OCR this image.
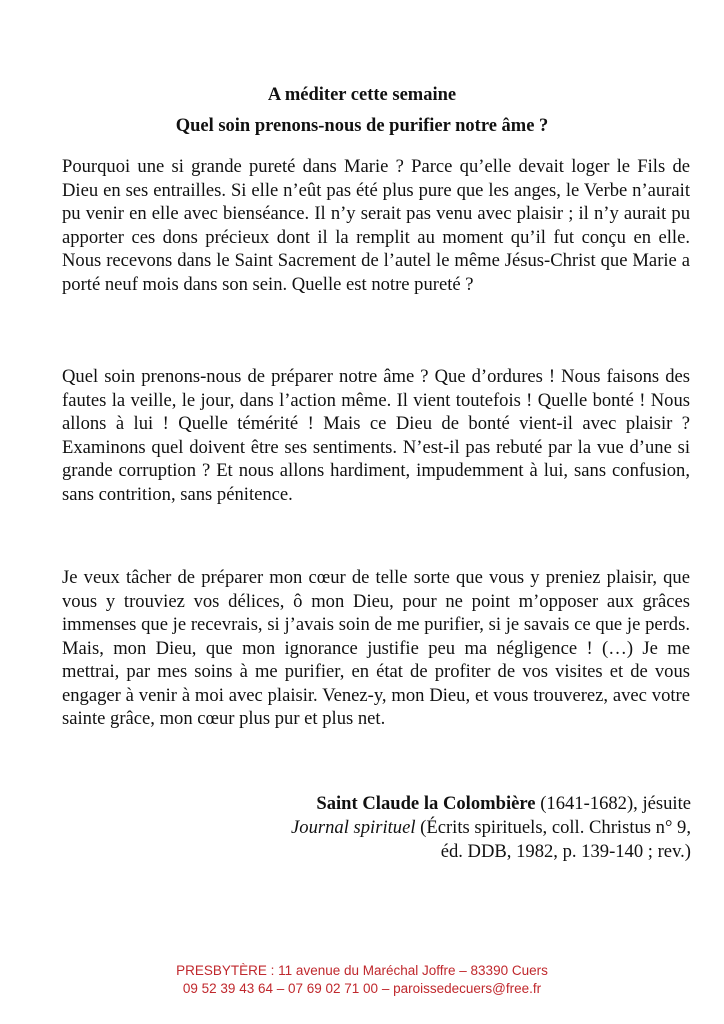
A méditer cette semaine
Quel soin prenons-nous de purifier notre âme ?

Pourquoi une si grande pureté dans Marie ? Parce qu’elle devait loger le Fils de Dieu en ses entrailles. Si elle n’eût pas été plus pure que les anges, le Verbe n’aurait pu venir en elle avec bienséance. Il n’y serait pas venu avec plaisir ; il n’y aurait pu apporter ces dons précieux dont il la remplit au moment qu’il fut conçu en elle. Nous recevons dans le Saint Sacrement de l’autel le même Jésus-Christ que Marie a porté neuf mois dans son sein. Quelle est notre pureté ?

Quel soin prenons-nous de préparer notre âme ? Que d’ordures ! Nous faisons des fautes la veille, le jour, dans l’action même. Il vient toutefois ! Quelle bonté ! Nous allons à lui ! Quelle témérité ! Mais ce Dieu de bonté vient-il avec plaisir ? Examinons quel doivent être ses sentiments. N’est-il pas rebuté par la vue d’une si grande corruption ? Et nous allons hardiment, impudemment à lui, sans confusion, sans contrition, sans pénitence.

Je veux tâcher de préparer mon cœur de telle sorte que vous y preniez plaisir, que vous y trouviez vos délices, ô mon Dieu, pour ne point m’opposer aux grâces immenses que je recevrais, si j’avais soin de me purifier, si je savais ce que je perds. Mais, mon Dieu, que mon ignorance justifie peu ma négligence ! (…) Je me mettrai, par mes soins à me purifier, en état de profiter de vos visites et de vous engager à venir à moi avec plaisir. Venez-y, mon Dieu, et vous trouverez, avec votre sainte grâce, mon cœur plus pur et plus net.

Saint Claude la Colombière (1641-1682), jésuite
Journal spirituel (Écrits spirituels, coll. Christus n° 9,
éd. DDB, 1982, p. 139-140 ; rev.)
PRESBYTÈRE : 11 avenue du Maréchal Joffre – 83390 Cuers
09 52 39 43 64 – 07 69 02 71 00 – paroissedecuers@free.fr
